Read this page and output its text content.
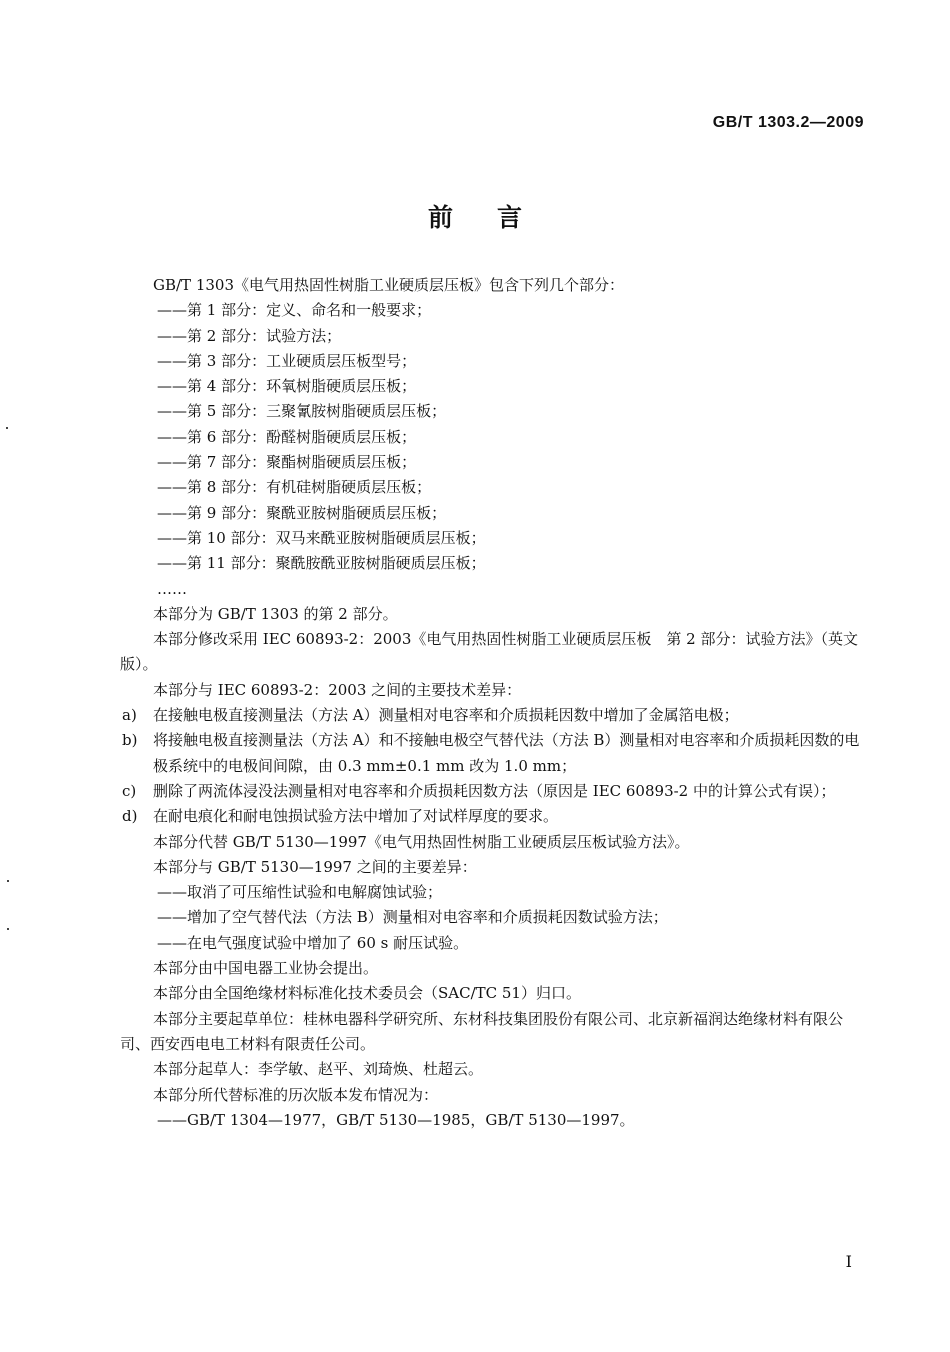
GB/T 1303.2—2009
前言

GB/T 1303《电气用热固性树脂工业硬质层压板》包含下列几个部分：

——第 1 部分：定义、命名和一般要求；

——第 2 部分：试验方法；

——第 3 部分：工业硬质层压板型号；

——第 4 部分：环氧树脂硬质层压板；

——第 5 部分：三聚氰胺树脂硬质层压板；

——第 6 部分：酚醛树脂硬质层压板；

——第 7 部分：聚酯树脂硬质层压板；

——第 8 部分：有机硅树脂硬质层压板；

——第 9 部分：聚酰亚胺树脂硬质层压板；

——第 10 部分：双马来酰亚胺树脂硬质层压板；

——第 11 部分：聚酰胺酰亚胺树脂硬质层压板；

……

本部分为 GB/T 1303 的第 2 部分。

本部分修改采用 IEC 60893-2：2003《电气用热固性树脂工业硬质层压板　第 2 部分：试验方法》（英文版）。

本部分与 IEC 60893-2：2003 之间的主要技术差异：

a)	在接触电极直接测量法（方法 A）测量相对电容率和介质损耗因数中增加了金属箔电极；
b)	将接触电极直接测量法（方法 A）和不接触电极空气替代法（方法 B）测量相对电容率和介质损耗因数的电极系统中的电极间间隙，由 0.3 mm±0.1 mm 改为 1.0 mm；
c)	删除了两流体浸没法测量相对电容率和介质损耗因数方法（原因是 IEC 60893-2 中的计算公式有误）；
d)	在耐电痕化和耐电蚀损试验方法中增加了对试样厚度的要求。

本部分代替 GB/T 5130—1997《电气用热固性树脂工业硬质层压板试验方法》。

本部分与 GB/T 5130—1997 之间的主要差异：

——取消了可压缩性试验和电解腐蚀试验；

——增加了空气替代法（方法 B）测量相对电容率和介质损耗因数试验方法；

——在电气强度试验中增加了 60 s 耐压试验。

本部分由中国电器工业协会提出。

本部分由全国绝缘材料标准化技术委员会（SAC/TC 51）归口。

本部分主要起草单位：桂林电器科学研究所、东材科技集团股份有限公司、北京新福润达绝缘材料有限公司、西安西电电工材料有限责任公司。

本部分起草人：李学敏、赵平、刘琦焕、杜超云。

本部分所代替标准的历次版本发布情况为：

——GB/T 1304—1977，GB/T 5130—1985，GB/T 5130—1997。

I
